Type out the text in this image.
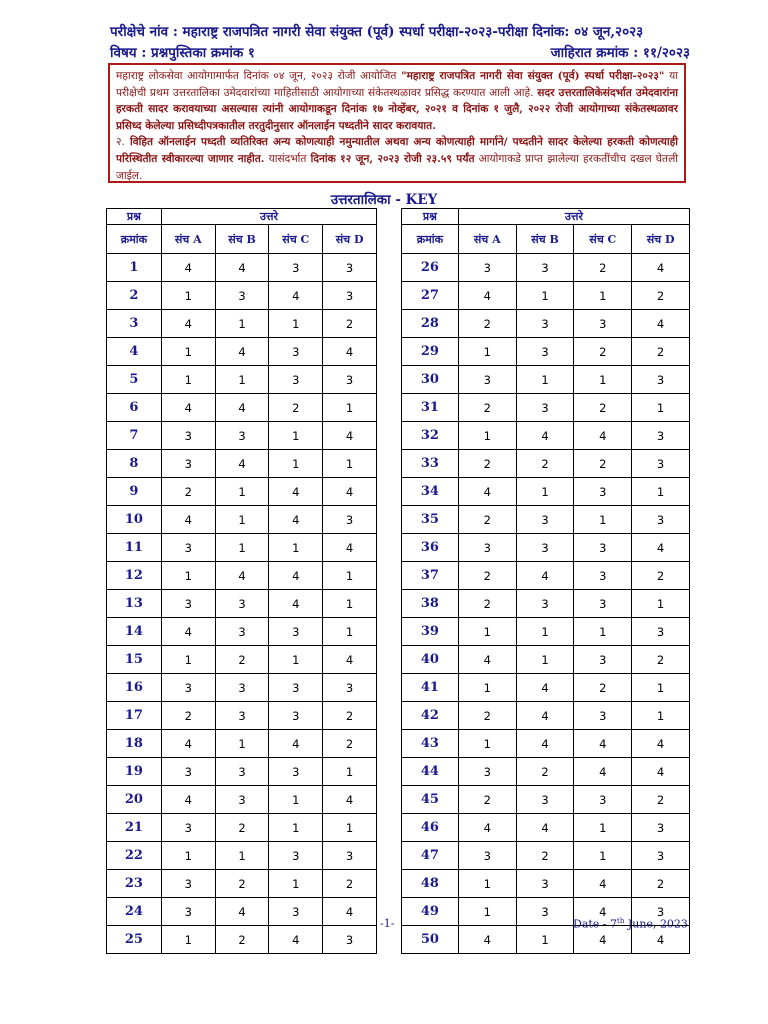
परीक्षेचे नांव : महाराष्ट्र राजपत्रित नागरी सेवा संयुक्त (पूर्व) स्पर्धा परीक्षा-२०२३-परीक्षा दिनांक: ०४ जून,२०२३
विषय : प्रश्नपुस्तिका क्रमांक १	जाहिरात क्रमांक : ११/२०२३
महाराष्ट्र लोकसेवा आयोगामार्फत दिनांक ०४ जून, २०२३ रोजी आयोजित "महाराष्ट्र राजपत्रित नागरी सेवा संयुक्त (पूर्व) स्पर्धा परीक्षा-२०२३" या परीक्षेची प्रथम उत्तरतालिका उमेदवारांच्या माहितीसाठी आयोगाच्या संकेतस्थळावर प्रसिद्ध करण्यात आली आहे. सदर उत्तरतालिकेसंदर्भात उमेदवारांना हरकती सादर करावयाच्या असल्यास त्यांनी आयोगाकडून दिनांक १७ नोव्हेंबर, २०२१ व दिनांक १ जुलै, २०२२ रोजी आयोगाच्या संकेतस्थळावर प्रसिध्द केलेल्या प्रसिध्दीपत्रकातील तरतुदीनुसार ऑनलाईन पध्दतीने सादर करावयात.
२. विहित ऑनलाईन पध्दती व्यतिरिक्त अन्य कोणत्याही नमुन्यातील अथवा अन्य कोणत्याही मार्गाने/ पध्दतीने सादर केलेल्या हरकती कोणत्याही परिस्थितीत स्वीकारल्या जाणार नाहीत. यासंदर्भात दिनांक १२ जून, २०२३ रोजी २३.५९ पर्यंत आयोगाकडे प्राप्त झालेल्या हरकतींचीच दखल घेतली जाईल.
उत्तरतालिका - KEY
प्रश्न	उत्तरे			
क्रमांक	संच A	संच B	संच C	संच D
1	4	4	3	3
2	1	3	4	3
3	4	1	1	2
4	1	4	3	4
5	1	1	3	3
6	4	4	2	1
7	3	3	1	4
8	3	4	1	1
9	2	1	4	4
10	4	1	4	3
11	3	1	1	4
12	1	4	4	1
13	3	3	4	1
14	4	3	3	1
15	1	2	1	4
16	3	3	3	3
17	2	3	3	2
18	4	1	4	2
19	3	3	3	1
20	4	3	1	4
21	3	2	1	1
22	1	1	3	3
23	3	2	1	2
24	3	4	3	4
25	1	2	4	3
प्रश्न	उत्तरे			
क्रमांक	संच A	संच B	संच C	संच D
26	3	3	2	4
27	4	1	1	2
28	2	3	3	4
29	1	3	2	2
30	3	1	1	3
31	2	3	2	1
32	1	4	4	3
33	2	2	2	3
34	4	1	3	1
35	2	3	1	3
36	3	3	3	4
37	2	4	3	2
38	2	3	3	1
39	1	1	1	3
40	4	1	3	2
41	1	4	2	1
42	2	4	3	1
43	1	4	4	4
44	3	2	4	4
45	2	3	3	2
46	4	4	1	3
47	3	2	1	3
48	1	3	4	2
49	1	3	4	3
50	4	1	4	4
-1-	Date - 7th June, 2023
